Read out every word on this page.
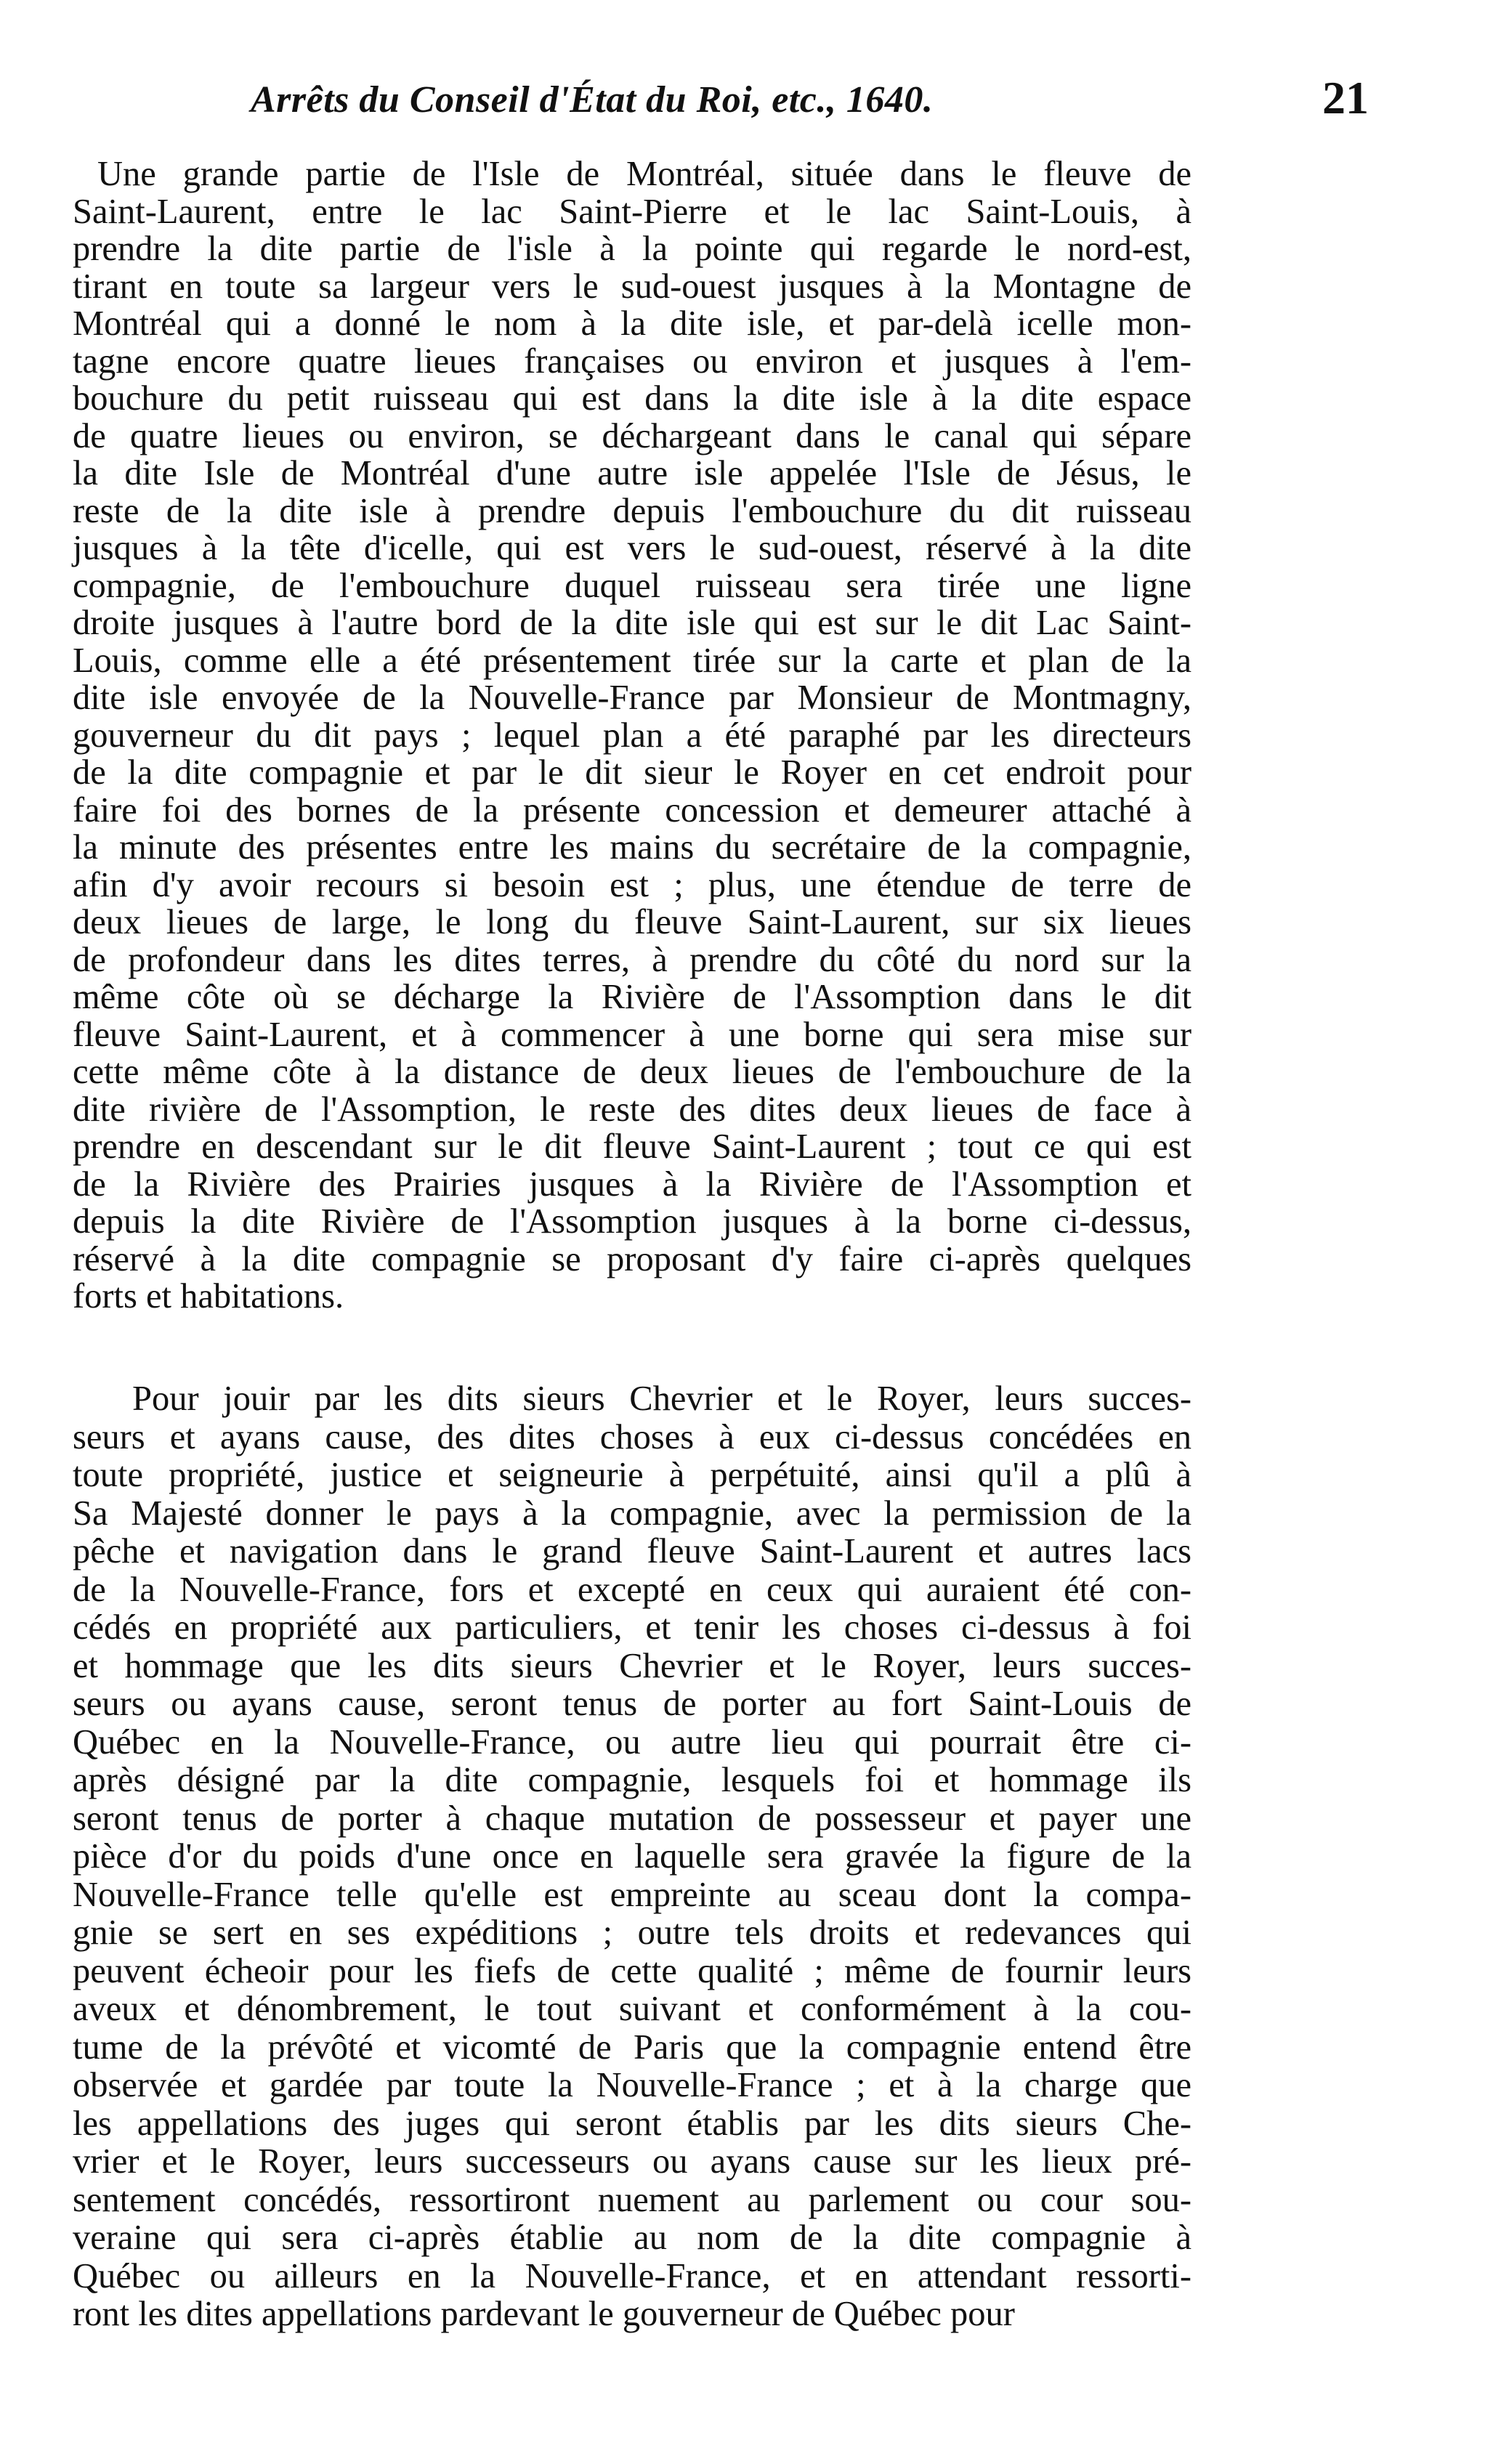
Arrêts du Conseil d'État du Roi, etc., 1640.	21

Une grande partie de l'Isle de Montréal, située dans le fleuve de
Saint-Laurent, entre le lac Saint-Pierre et le lac Saint-Louis, à
prendre la dite partie de l'isle à la pointe qui regarde le nord-est,
tirant en toute sa largeur vers le sud-ouest jusques à la Montagne de
Montréal qui a donné le nom à la dite isle, et par-delà icelle mon-
tagne encore quatre lieues françaises ou environ et jusques à l'em-
bouchure du petit ruisseau qui est dans la dite isle à la dite espace
de quatre lieues ou environ, se déchargeant dans le canal qui sépare
la dite Isle de Montréal d'une autre isle appelée l'Isle de Jésus, le
reste de la dite isle à prendre depuis l'embouchure du dit ruisseau
jusques à la tête d'icelle, qui est vers le sud-ouest, réservé à la dite
compagnie, de l'embouchure duquel ruisseau sera tirée une ligne
droite jusques à l'autre bord de la dite isle qui est sur le dit Lac Saint-
Louis, comme elle a été présentement tirée sur la carte et plan de la
dite isle envoyée de la Nouvelle-France par Monsieur de Montmagny,
gouverneur du dit pays ; lequel plan a été paraphé par les directeurs
de la dite compagnie et par le dit sieur le Royer en cet endroit pour
faire foi des bornes de la présente concession et demeurer attaché à
la minute des présentes entre les mains du secrétaire de la compagnie,
afin d'y avoir recours si besoin est ; plus, une étendue de terre de
deux lieues de large, le long du fleuve Saint-Laurent, sur six lieues
de profondeur dans les dites terres, à prendre du côté du nord sur la
même côte où se décharge la Rivière de l'Assomption dans le dit
fleuve Saint-Laurent, et à commencer à une borne qui sera mise sur
cette même côte à la distance de deux lieues de l'embouchure de la
dite rivière de l'Assomption, le reste des dites deux lieues de face à
prendre en descendant sur le dit fleuve Saint-Laurent ; tout ce qui est
de la Rivière des Prairies jusques à la Rivière de l'Assomption et
depuis la dite Rivière de l'Assomption jusques à la borne ci-dessus,
réservé à la dite compagnie se proposant d'y faire ci-après quelques
forts et habitations.

Pour jouir par les dits sieurs Chevrier et le Royer, leurs succes-
seurs et ayans cause, des dites choses à eux ci-dessus concédées en
toute propriété, justice et seigneurie à perpétuité, ainsi qu'il a plû à
Sa Majesté donner le pays à la compagnie, avec la permission de la
pêche et navigation dans le grand fleuve Saint-Laurent et autres lacs
de la Nouvelle-France, fors et excepté en ceux qui auraient été con-
cédés en propriété aux particuliers, et tenir les choses ci-dessus à foi
et hommage que les dits sieurs Chevrier et le Royer, leurs succes-
seurs ou ayans cause, seront tenus de porter au fort Saint-Louis de
Québec en la Nouvelle-France, ou autre lieu qui pourrait être ci-
après désigné par la dite compagnie, lesquels foi et hommage ils
seront tenus de porter à chaque mutation de possesseur et payer une
pièce d'or du poids d'une once en laquelle sera gravée la figure de la
Nouvelle-France telle qu'elle est empreinte au sceau dont la compa-
gnie se sert en ses expéditions ; outre tels droits et redevances qui
peuvent écheoir pour les fiefs de cette qualité ; même de fournir leurs
aveux et dénombrement, le tout suivant et conformément à la cou-
tume de la prévôté et vicomté de Paris que la compagnie entend être
observée et gardée par toute la Nouvelle-France ; et à la charge que
les appellations des juges qui seront établis par les dits sieurs Che-
vrier et le Royer, leurs successeurs ou ayans cause sur les lieux pré-
sentement concédés, ressortiront nuement au parlement ou cour sou-
veraine qui sera ci-après établie au nom de la dite compagnie à
Québec ou ailleurs en la Nouvelle-France, et en attendant ressorti-
ront les dites appellations pardevant le gouverneur de Québec pour
